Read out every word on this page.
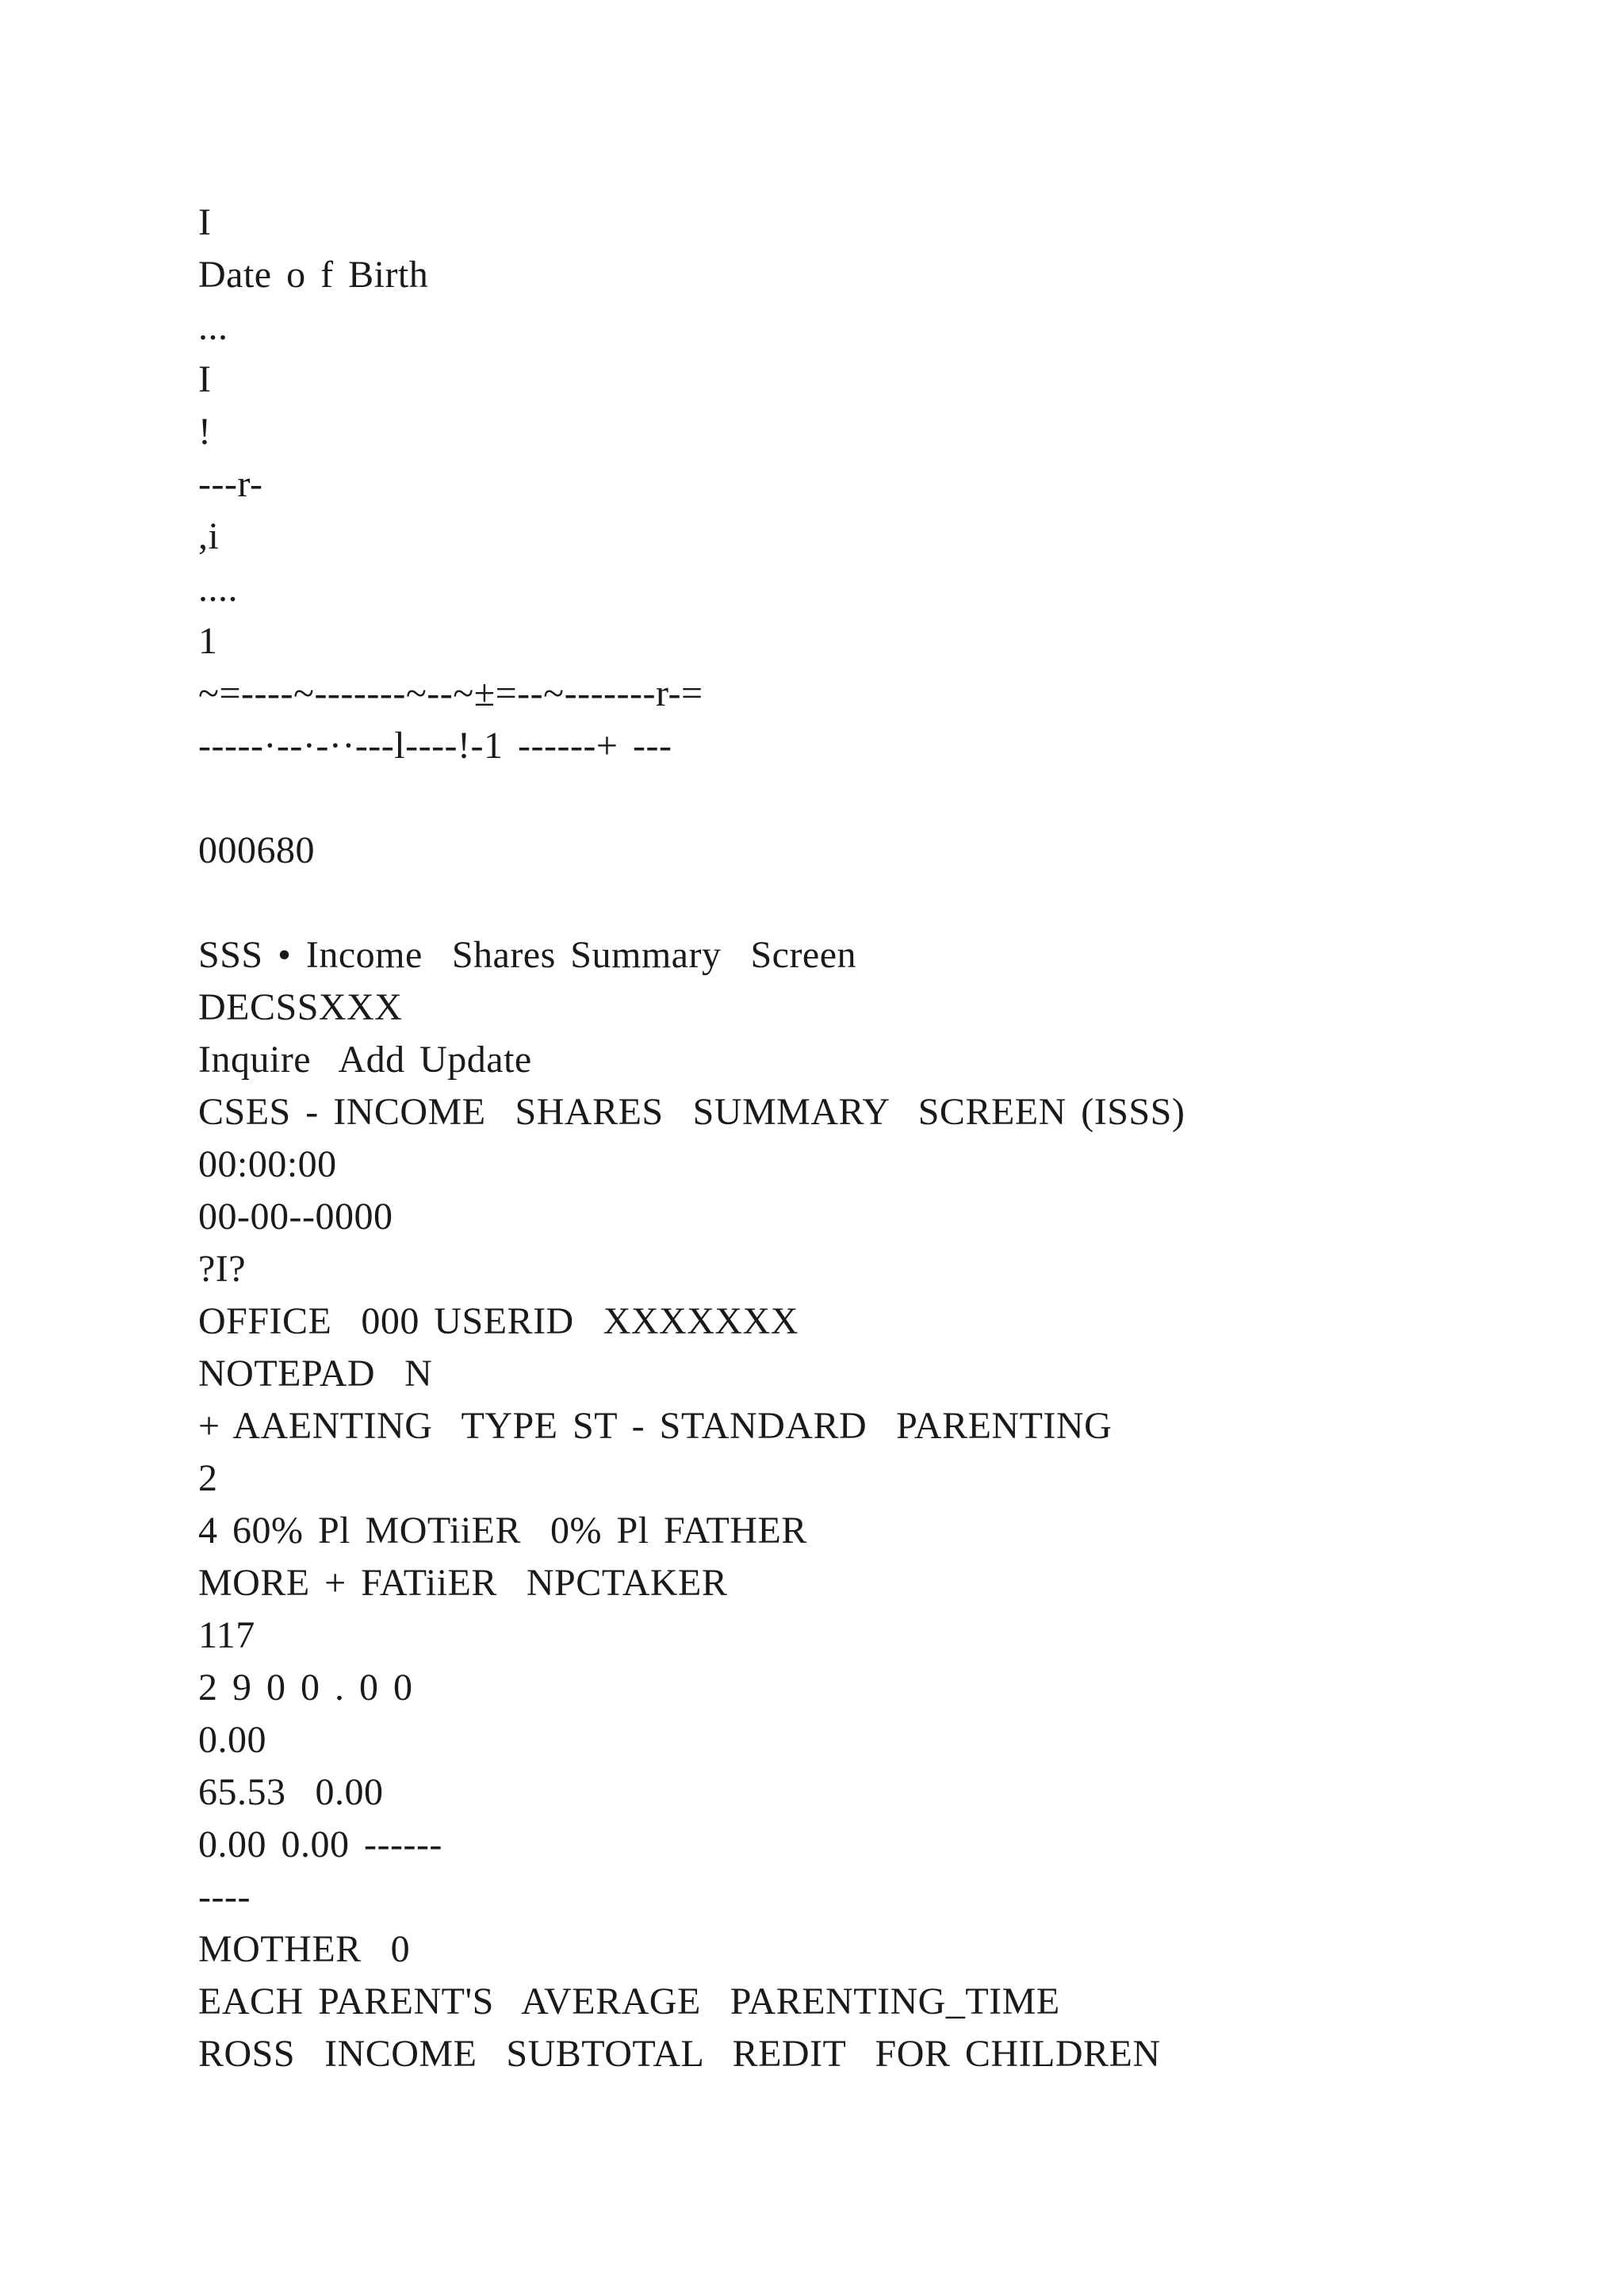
I
Date o f Birth
...
I
!
---r-
,i
....
1
~=----~-------~--~±=--~-------r-=
-----·--·-··---l----!-1 ------+ ---
000680
SSS • Income  Shares Summary  Screen
DECSSXXX
Inquire  Add Update
CSES - INCOME  SHARES  SUMMARY  SCREEN (ISSS)
00:00:00
00-00--0000
?I?
OFFICE  000 USERID  XXXXXXX
NOTEPAD  N
+ AAENTING  TYPE ST - STANDARD  PARENTING
2
4 60% Pl MOTiiER  0% Pl FATHER
MORE + FATiiER  NPCTAKER
117
2 9 0 0 . 0 0
0.00
65.53  0.00
0.00 0.00 ------
----
MOTHER  0
EACH PARENT'S  AVERAGE  PARENTING_TIME
ROSS  INCOME  SUBTOTAL  REDIT  FOR CHILDREN
